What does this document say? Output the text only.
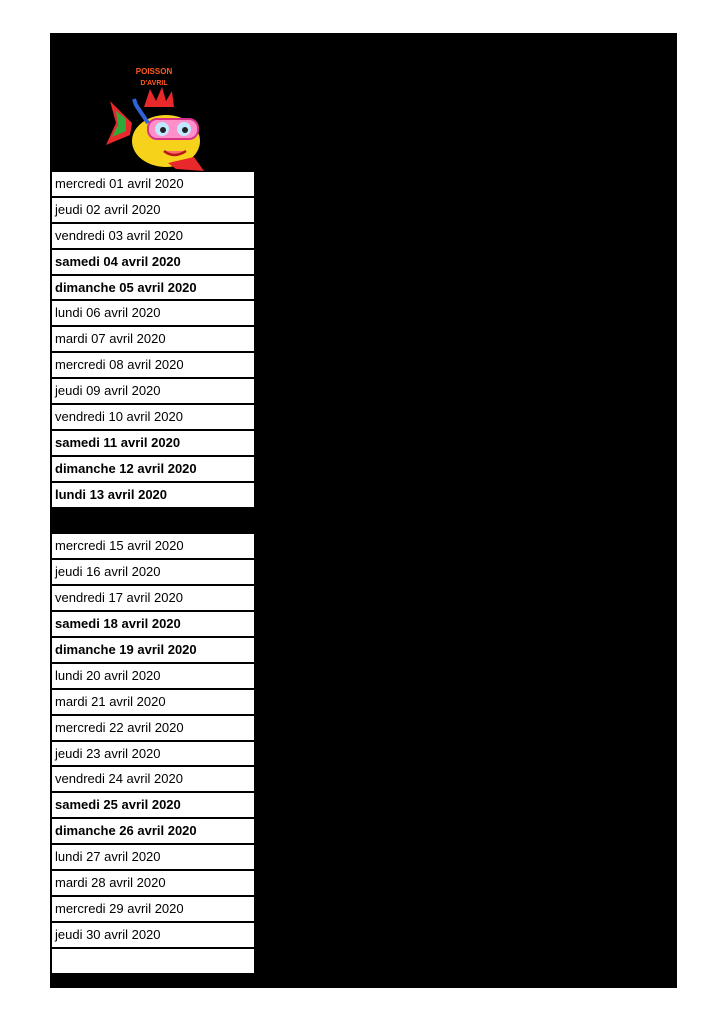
POISSON
D'AVRIL
mercredi 01 avril 2020
jeudi 02 avril 2020
vendredi 03 avril 2020
samedi 04 avril 2020
dimanche 05 avril 2020
lundi 06 avril 2020
mardi 07 avril 2020
mercredi 08 avril 2020
jeudi 09 avril 2020
vendredi 10 avril 2020
samedi 11 avril 2020
dimanche 12 avril 2020
lundi 13 avril 2020
mercredi 15 avril 2020
jeudi 16 avril 2020
vendredi 17 avril 2020
samedi 18 avril 2020
dimanche 19 avril 2020
lundi 20 avril 2020
mardi 21 avril 2020
mercredi 22 avril 2020
jeudi 23 avril 2020
vendredi 24 avril 2020
samedi 25 avril 2020
dimanche 26 avril 2020
lundi 27 avril 2020
mardi 28 avril 2020
mercredi 29 avril 2020
jeudi 30 avril 2020
